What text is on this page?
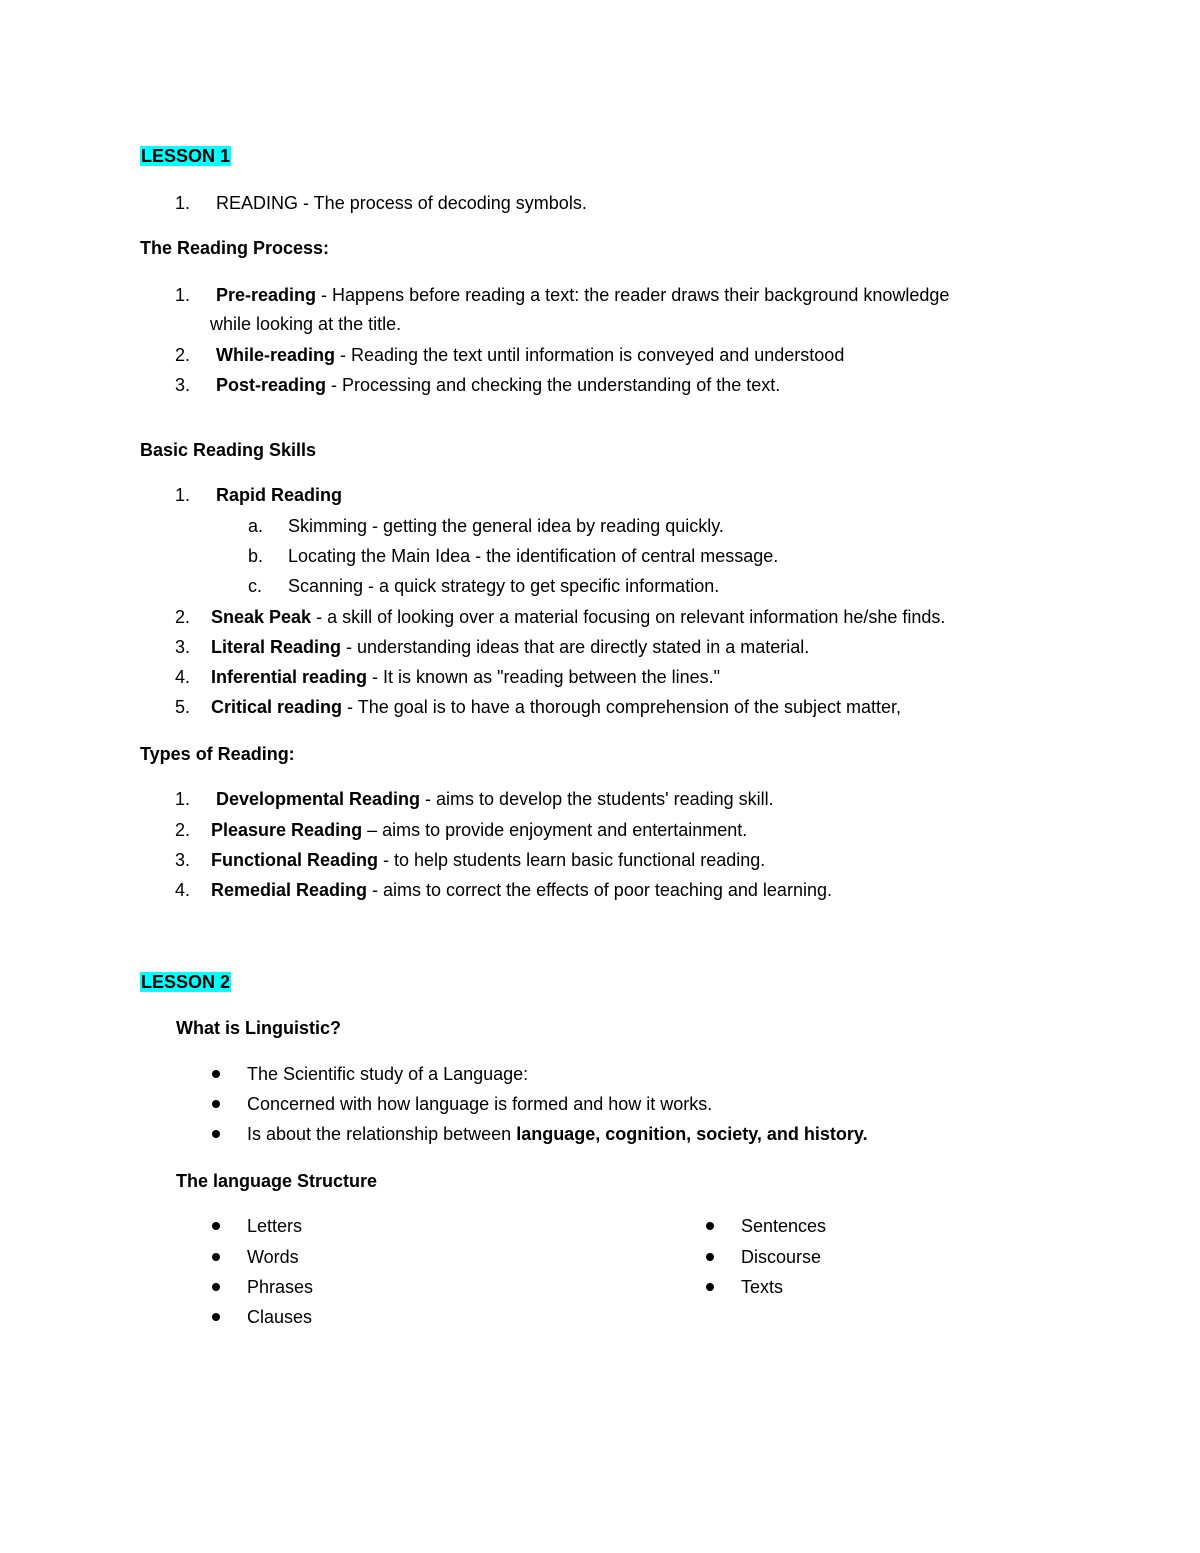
LESSON 1
1. READING - The process of decoding symbols.
The Reading Process:
1. Pre-reading - Happens before reading a text: the reader draws their background knowledge
while looking at the title.
2. While-reading - Reading the text until information is conveyed and understood
3. Post-reading - Processing and checking the understanding of the text.
Basic Reading Skills
1. Rapid Reading
a. Skimming - getting the general idea by reading quickly.
b. Locating the Main Idea - the identification of central message.
c. Scanning - a quick strategy to get specific information.
2. Sneak Peak - a skill of looking over a material focusing on relevant information he/she finds.
3. Literal Reading - understanding ideas that are directly stated in a material.
4. Inferential reading - It is known as "reading between the lines."
5. Critical reading - The goal is to have a thorough comprehension of the subject matter,
Types of Reading:
1. Developmental Reading - aims to develop the students' reading skill.
2. Pleasure Reading – aims to provide enjoyment and entertainment.
3. Functional Reading - to help students learn basic functional reading.
4. Remedial Reading - aims to correct the effects of poor teaching and learning.
LESSON 2
What is Linguistic?
The Scientific study of a Language:
Concerned with how language is formed and how it works.
Is about the relationship between language, cognition, society, and history.
The language Structure
Letters
Words
Phrases
Clauses
Sentences
Discourse
Texts
